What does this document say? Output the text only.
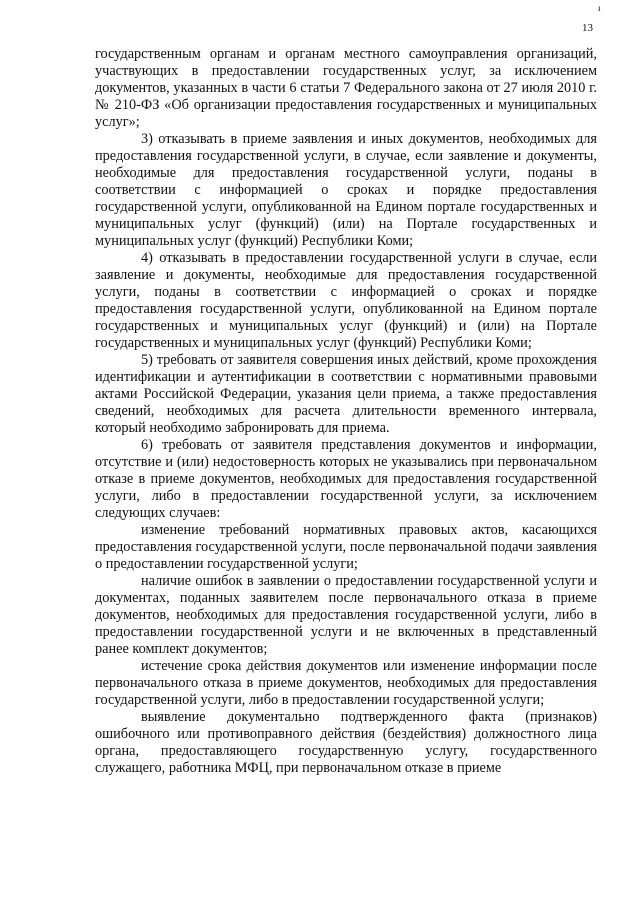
ı
13

государственным органам и органам местного самоуправления организаций, участвующих в предоставлении государственных услуг, за исключением документов, указанных в части 6 статьи 7 Федерального закона от 27 июля 2010 г. № 210-ФЗ «Об организации предоставления государственных и муниципальных услуг»;

3) отказывать в приеме заявления и иных документов, необходимых для предоставления государственной услуги, в случае, если заявление и документы, необходимые для предоставления государственной услуги, поданы в соответствии с информацией о сроках и порядке предоставления государственной услуги, опубликованной на Едином портале государственных и муниципальных услуг (функций) (или) на Портале государственных и муниципальных услуг (функций) Республики Коми;

4) отказывать в предоставлении государственной услуги в случае, если заявление и документы, необходимые для предоставления государственной услуги, поданы в соответствии с информацией о сроках и порядке предоставления государственной услуги, опубликованной на Едином портале государственных и муниципальных услуг (функций) и (или) на Портале государственных и муниципальных услуг (функций) Республики Коми;

5) требовать от заявителя совершения иных действий, кроме прохождения идентификации и аутентификации в соответствии с нормативными правовыми актами Российской Федерации, указания цели приема, а также предоставления сведений, необходимых для расчета длительности временного интервала, который необходимо забронировать для приема.

6) требовать от заявителя представления документов и информации, отсутствие и (или) недостоверность которых не указывались при первоначальном отказе в приеме документов, необходимых для предоставления государственной услуги, либо в предоставлении государственной услуги, за исключением следующих случаев:

изменение требований нормативных правовых актов, касающихся предоставления государственной услуги, после первоначальной подачи заявления о предоставлении государственной услуги;

наличие ошибок в заявлении о предоставлении государственной услуги и документах, поданных заявителем после первоначального отказа в приеме документов, необходимых для предоставления государственной услуги, либо в предоставлении государственной услуги и не включенных в представленный ранее комплект документов;

истечение срока действия документов или изменение информации после первоначального отказа в приеме документов, необходимых для предоставления государственной услуги, либо в предоставлении государственной услуги;

выявление документально подтвержденного факта (признаков) ошибочного или противоправного действия (бездействия) должностного лица органа, предоставляющего государственную услугу, государственного служащего, работника МФЦ, при первоначальном отказе в приеме
